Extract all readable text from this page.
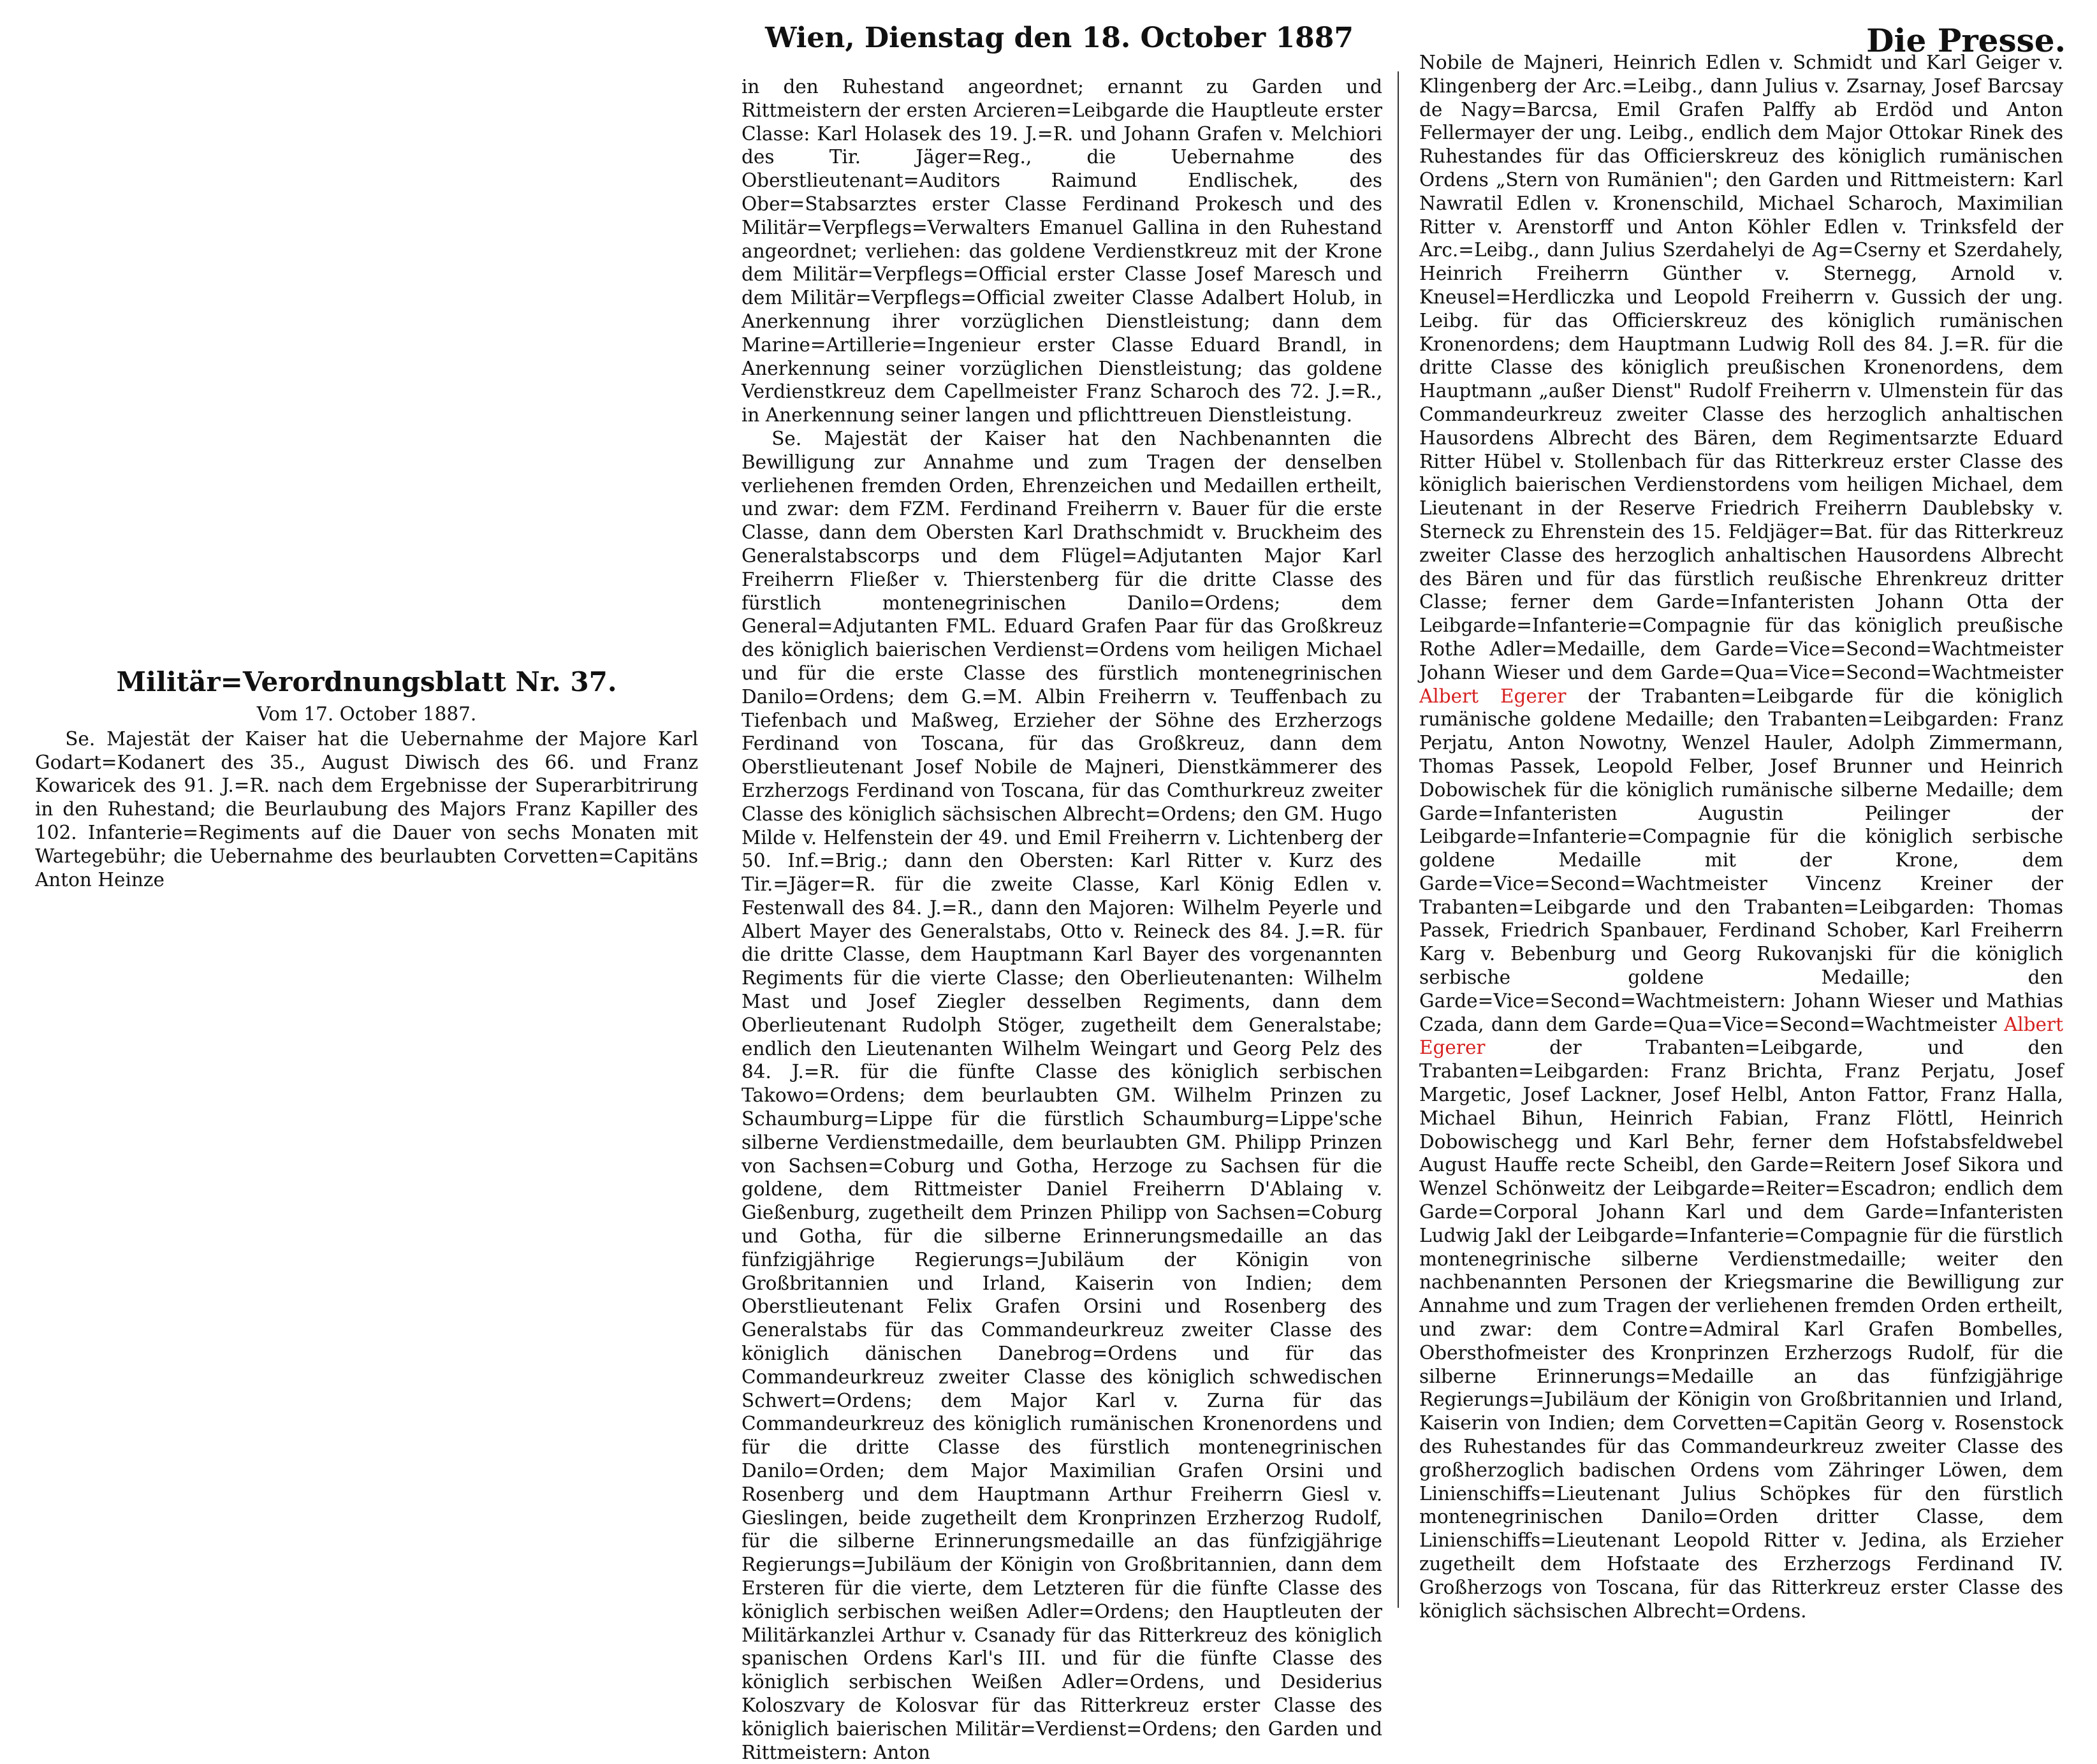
Wien, Dienstag den 18. October 1887	Die Presse.
Militär=Verordnungsblatt Nr. 37.
Vom 17. October 1887.

Se. Majestät der Kaiser hat die Uebernahme der Majore Karl Godart=Kodanert des 35., August Diwisch des 66. und Franz Kowaricek des 91. J.=R. nach dem Ergebnisse der Superarbitrirung in den Ruhestand; die Beurlaubung des Majors Franz Kapiller des 102. Infanterie=Regiments auf die Dauer von sechs Monaten mit Wartegebühr; die Uebernahme des beurlaubten Corvetten=Capitäns Anton Heinze

in den Ruhestand angeordnet; ernannt zu Garden und Rittmeistern der ersten Arcieren=Leibgarde die Hauptleute erster Classe: Karl Holasek des 19. J.=R. und Johann Grafen v. Melchiori des Tir. Jäger=Reg., die Uebernahme des Oberstlieutenant=Auditors Raimund Endlischek, des Ober=Stabsarztes erster Classe Ferdinand Prokesch und des Militär=Verpflegs=Verwalters Emanuel Gallina in den Ruhestand angeordnet; verliehen: das goldene Verdienstkreuz mit der Krone dem Militär=Verpflegs=Official erster Classe Josef Maresch und dem Militär=Verpflegs=Official zweiter Classe Adalbert Holub, in Anerkennung ihrer vorzüglichen Dienstleistung; dann dem Marine=Artillerie=Ingenieur erster Classe Eduard Brandl, in Anerkennung seiner vorzüglichen Dienstleistung; das goldene Verdienstkreuz dem Capellmeister Franz Scharoch des 72. J.=R., in Anerkennung seiner langen und pflichttreuen Dienstleistung.

Se. Majestät der Kaiser hat den Nachbenannten die Bewilligung zur Annahme und zum Tragen der denselben verliehenen fremden Orden, Ehrenzeichen und Medaillen ertheilt, und zwar: dem FZM. Ferdinand Freiherrn v. Bauer für die erste Classe, dann dem Obersten Karl Drathschmidt v. Bruckheim des Generalstabscorps und dem Flügel=Adjutanten Major Karl Freiherrn Fließer v. Thierstenberg für die dritte Classe des fürstlich montenegrinischen Danilo=Ordens; dem General=Adjutanten FML. Eduard Grafen Paar für das Großkreuz des königlich baierischen Verdienst=Ordens vom heiligen Michael und für die erste Classe des fürstlich montenegrinischen Danilo=Ordens; dem G.=M. Albin Freiherrn v. Teuffenbach zu Tiefenbach und Maßweg, Erzieher der Söhne des Erzherzogs Ferdinand von Toscana, für das Großkreuz, dann dem Oberstlieutenant Josef Nobile de Majneri, Dienstkämmerer des Erzherzogs Ferdinand von Toscana, für das Comthurkreuz zweiter Classe des königlich sächsischen Albrecht=Ordens; den GM. Hugo Milde v. Helfenstein der 49. und Emil Freiherrn v. Lichtenberg der 50. Inf.=Brig.; dann den Obersten: Karl Ritter v. Kurz des Tir.=Jäger=R. für die zweite Classe, Karl König Edlen v. Festenwall des 84. J.=R., dann den Majoren: Wilhelm Peyerle und Albert Mayer des Generalstabs, Otto v. Reineck des 84. J.=R. für die dritte Classe, dem Hauptmann Karl Bayer des vorgenannten Regiments für die vierte Classe; den Oberlieutenanten: Wilhelm Mast und Josef Ziegler desselben Regiments, dann dem Oberlieutenant Rudolph Stöger, zugetheilt dem Generalstabe; endlich den Lieutenanten Wilhelm Weingart und Georg Pelz des 84. J.=R. für die fünfte Classe des königlich serbischen Takowo=Ordens; dem beurlaubten GM. Wilhelm Prinzen zu Schaumburg=Lippe für die fürstlich Schaumburg=Lippe'sche silberne Verdienstmedaille, dem beurlaubten GM. Philipp Prinzen von Sachsen=Coburg und Gotha, Herzoge zu Sachsen für die goldene, dem Rittmeister Daniel Freiherrn D'Ablaing v. Gießenburg, zugetheilt dem Prinzen Philipp von Sachsen=Coburg und Gotha, für die silberne Erinnerungsmedaille an das fünfzigjährige Regierungs=Jubiläum der Königin von Großbritannien und Irland, Kaiserin von Indien; dem Oberstlieutenant Felix Grafen Orsini und Rosenberg des Generalstabs für das Commandeurkreuz zweiter Classe des königlich dänischen Danebrog=Ordens und für das Commandeurkreuz zweiter Classe des königlich schwedischen Schwert=Ordens; dem Major Karl v. Zurna für das Commandeurkreuz des königlich rumänischen Kronenordens und für die dritte Classe des fürstlich montenegrinischen Danilo=Orden; dem Major Maximilian Grafen Orsini und Rosenberg und dem Hauptmann Arthur Freiherrn Giesl v. Gieslingen, beide zugetheilt dem Kronprinzen Erzherzog Rudolf, für die silberne Erinnerungsmedaille an das fünfzigjährige Regierungs=Jubiläum der Königin von Großbritannien, dann dem Ersteren für die vierte, dem Letzteren für die fünfte Classe des königlich serbischen weißen Adler=Ordens; den Hauptleuten der Militärkanzlei Arthur v. Csanady für das Ritterkreuz des königlich spanischen Ordens Karl's III. und für die fünfte Classe des königlich serbischen Weißen Adler=Ordens, und Desiderius Koloszvary de Kolosvar für das Ritterkreuz erster Classe des königlich baierischen Militär=Verdienst=Ordens; den Garden und Rittmeistern: Anton

Nobile de Majneri, Heinrich Edlen v. Schmidt und Karl Geiger v. Klingenberg der Arc.=Leibg., dann Julius v. Zsarnay, Josef Barcsay de Nagy=Barcsa, Emil Grafen Palffy ab Erdöd und Anton Fellermayer der ung. Leibg., endlich dem Major Ottokar Rinek des Ruhestandes für das Officierskreuz des königlich rumänischen Ordens „Stern von Rumänien"; den Garden und Rittmeistern: Karl Nawratil Edlen v. Kronenschild, Michael Scharoch, Maximilian Ritter v. Arenstorff und Anton Köhler Edlen v. Trinksfeld der Arc.=Leibg., dann Julius Szerdahelyi de Ag=Cserny et Szerdahely, Heinrich Freiherrn Günther v. Sternegg, Arnold v. Kneusel=Herdliczka und Leopold Freiherrn v. Gussich der ung. Leibg. für das Officierskreuz des königlich rumänischen Kronenordens; dem Hauptmann Ludwig Roll des 84. J.=R. für die dritte Classe des königlich preußischen Kronenordens, dem Hauptmann „außer Dienst" Rudolf Freiherrn v. Ulmenstein für das Commandeurkreuz zweiter Classe des herzoglich anhaltischen Hausordens Albrecht des Bären, dem Regimentsarzte Eduard Ritter Hübel v. Stollenbach für das Ritterkreuz erster Classe des königlich baierischen Verdienstordens vom heiligen Michael, dem Lieutenant in der Reserve Friedrich Freiherrn Daublebsky v. Sterneck zu Ehrenstein des 15. Feldjäger=Bat. für das Ritterkreuz zweiter Classe des herzoglich anhaltischen Hausordens Albrecht des Bären und für das fürstlich reußische Ehrenkreuz dritter Classe; ferner dem Garde=Infanteristen Johann Otta der Leibgarde=Infanterie=Compagnie für das königlich preußische Rothe Adler=Medaille, dem Garde=Vice=Second=Wachtmeister Johann Wieser und dem Garde=Qua=Vice=Second=Wachtmeister Albert Egerer der Trabanten=Leibgarde für die königlich rumänische goldene Medaille; den Trabanten=Leibgarden: Franz Perjatu, Anton Nowotny, Wenzel Hauler, Adolph Zimmermann, Thomas Passek, Leopold Felber, Josef Brunner und Heinrich Dobowischek für die königlich rumänische silberne Medaille; dem Garde=Infanteristen Augustin Peilinger der Leibgarde=Infanterie=Compagnie für die königlich serbische goldene Medaille mit der Krone, dem Garde=Vice=Second=Wachtmeister Vincenz Kreiner der Trabanten=Leibgarde und den Trabanten=Leibgarden: Thomas Passek, Friedrich Spanbauer, Ferdinand Schober, Karl Freiherrn Karg v. Bebenburg und Georg Rukovanjski für die königlich serbische goldene Medaille; den Garde=Vice=Second=Wachtmeistern: Johann Wieser und Mathias Czada, dann dem Garde=Qua=Vice=Second=Wachtmeister Albert Egerer	der Trabanten=Leibgarde, und den Trabanten=Leibgarden: Franz Brichta, Franz Perjatu, Josef Margetic, Josef Lackner, Josef Helbl, Anton Fattor, Franz Halla, Michael Bihun, Heinrich Fabian, Franz Flöttl, Heinrich Dobowischegg und Karl Behr, ferner dem Hofstabsfeldwebel August Hauffe recte Scheibl, den Garde=Reitern Josef Sikora und Wenzel Schönweitz der Leibgarde=Reiter=Escadron; endlich dem Garde=Corporal Johann Karl und dem Garde=Infanteristen Ludwig Jakl der Leibgarde=Infanterie=Compagnie für die fürstlich montenegrinische silberne Verdienstmedaille; weiter den nachbenannten Personen der Kriegsmarine die Bewilligung zur Annahme und zum Tragen der verliehenen fremden Orden ertheilt, und zwar: dem Contre=Admiral Karl Grafen Bombelles, Obersthofmeister des Kronprinzen Erzherzogs Rudolf, für die silberne Erinnerungs=Medaille an das fünfzigjährige Regierungs=Jubiläum der Königin von Großbritannien und Irland, Kaiserin von Indien; dem Corvetten=Capitän Georg v. Rosenstock des Ruhestandes für das Commandeurkreuz zweiter Classe des großherzoglich badischen Ordens vom Zähringer Löwen, dem Linienschiffs=Lieutenant Julius Schöpkes für den fürstlich montenegrinischen Danilo=Orden dritter Classe, dem Linienschiffs=Lieutenant Leopold Ritter v. Jedina, als Erzieher zugetheilt dem Hofstaate des Erzherzogs Ferdinand IV. Großherzogs von Toscana, für das Ritterkreuz erster Classe des königlich sächsischen Albrecht=Ordens.
